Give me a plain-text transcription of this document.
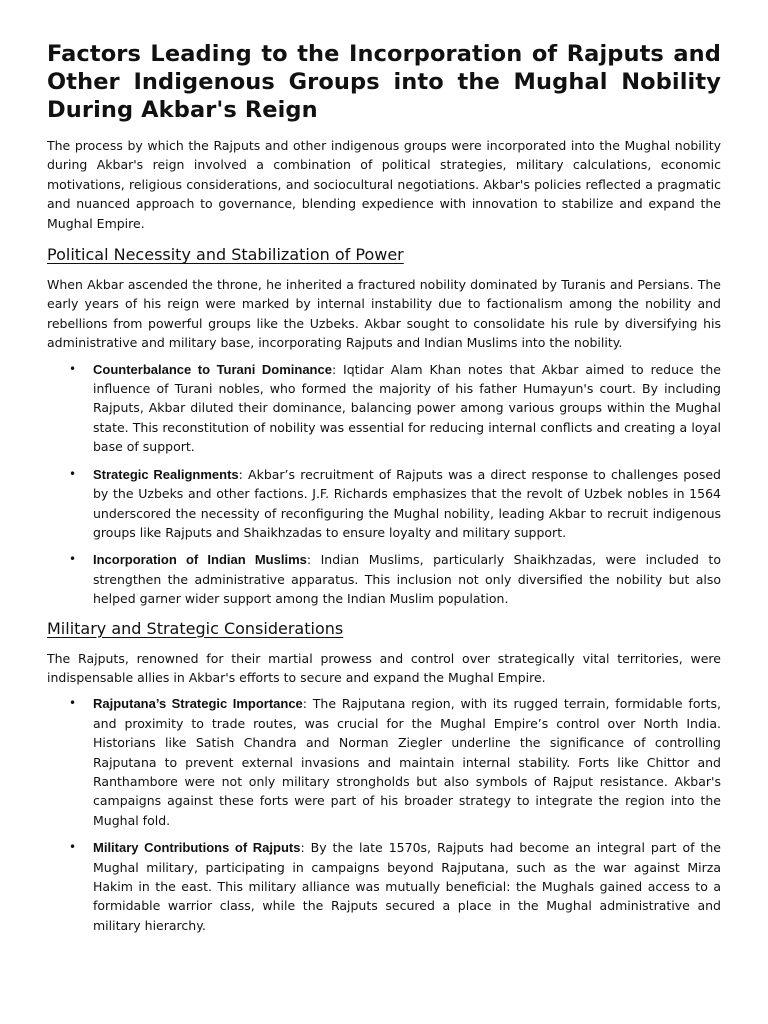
Factors Leading to the Incorporation of Rajputs and Other Indigenous Groups into the Mughal Nobility During Akbar's Reign

The process by which the Rajputs and other indigenous groups were incorporated into the Mughal nobility during Akbar's reign involved a combination of political strategies, military calculations, economic motivations, religious considerations, and sociocultural negotiations. Akbar's policies reflected a pragmatic and nuanced approach to governance, blending expedience with innovation to stabilize and expand the Mughal Empire.

Political Necessity and Stabilization of Power

When Akbar ascended the throne, he inherited a fractured nobility dominated by Turanis and Persians. The early years of his reign were marked by internal instability due to factionalism among the nobility and rebellions from powerful groups like the Uzbeks. Akbar sought to consolidate his rule by diversifying his administrative and military base, incorporating Rajputs and Indian Muslims into the nobility.

• Counterbalance to Turani Dominance: Iqtidar Alam Khan notes that Akbar aimed to reduce the influence of Turani nobles, who formed the majority of his father Humayun's court. By including Rajputs, Akbar diluted their dominance, balancing power among various groups within the Mughal state. This reconstitution of nobility was essential for reducing internal conflicts and creating a loyal base of support.
• Strategic Realignments: Akbar’s recruitment of Rajputs was a direct response to challenges posed by the Uzbeks and other factions. J.F. Richards emphasizes that the revolt of Uzbek nobles in 1564 underscored the necessity of reconfiguring the Mughal nobility, leading Akbar to recruit indigenous groups like Rajputs and Shaikhzadas to ensure loyalty and military support.
• Incorporation of Indian Muslims: Indian Muslims, particularly Shaikhzadas, were included to strengthen the administrative apparatus. This inclusion not only diversified the nobility but also helped garner wider support among the Indian Muslim population.
Military and Strategic Considerations

The Rajputs, renowned for their martial prowess and control over strategically vital territories, were indispensable allies in Akbar's efforts to secure and expand the Mughal Empire.

• Rajputana’s Strategic Importance: The Rajputana region, with its rugged terrain, formidable forts, and proximity to trade routes, was crucial for the Mughal Empire’s control over North India. Historians like Satish Chandra and Norman Ziegler underline the significance of controlling Rajputana to prevent external invasions and maintain internal stability. Forts like Chittor and Ranthambore were not only military strongholds but also symbols of Rajput resistance. Akbar's campaigns against these forts were part of his broader strategy to integrate the region into the Mughal fold.
• Military Contributions of Rajputs: By the late 1570s, Rajputs had become an integral part of the Mughal military, participating in campaigns beyond Rajputana, such as the war against Mirza Hakim in the east. This military alliance was mutually beneficial: the Mughals gained access to a formidable warrior class, while the Rajputs secured a place in the Mughal administrative and military hierarchy.
